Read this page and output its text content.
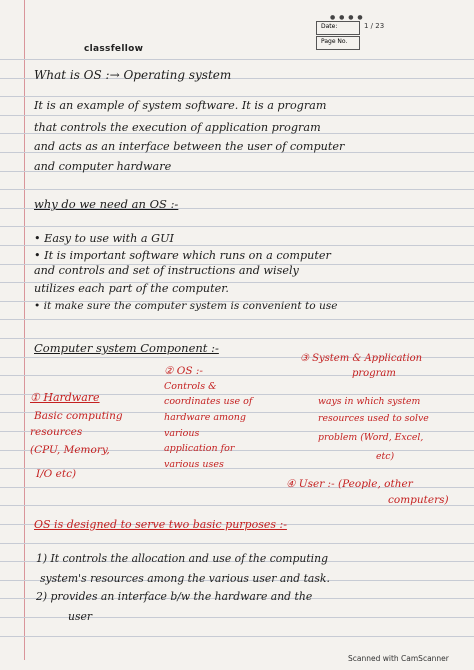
● ● ● ●
Date:	1 / 23
Page No.
classfellow
What is OS :→ Operating system
It is an example of system software. It is a program
that controls the execution of application program
and acts as an interface between the user of computer
and computer hardware
why do we need an OS :-
• Easy to use with a GUI
• It is important software which runs on a computer
and controls and set of instructions and wisely
utilizes each part of the computer.
• it make sure the computer system is convenient to use
Computer system Component :-
① Hardware
Basic computing
resources
(CPU, Memory,
I/O etc)
② OS :-
Controls &
coordinates use of
hardware among
various
application for
various uses
③ System & Application
program
ways in which system
resources used to solve
problem (Word, Excel,
etc)
④ User :- (People, other
computers)
OS is designed to serve two basic purposes :-
1) It controls the allocation and use of the computing
system's resources among the various user and task.
2) provides an interface b/w the hardware and the
user
Scanned with CamScanner
